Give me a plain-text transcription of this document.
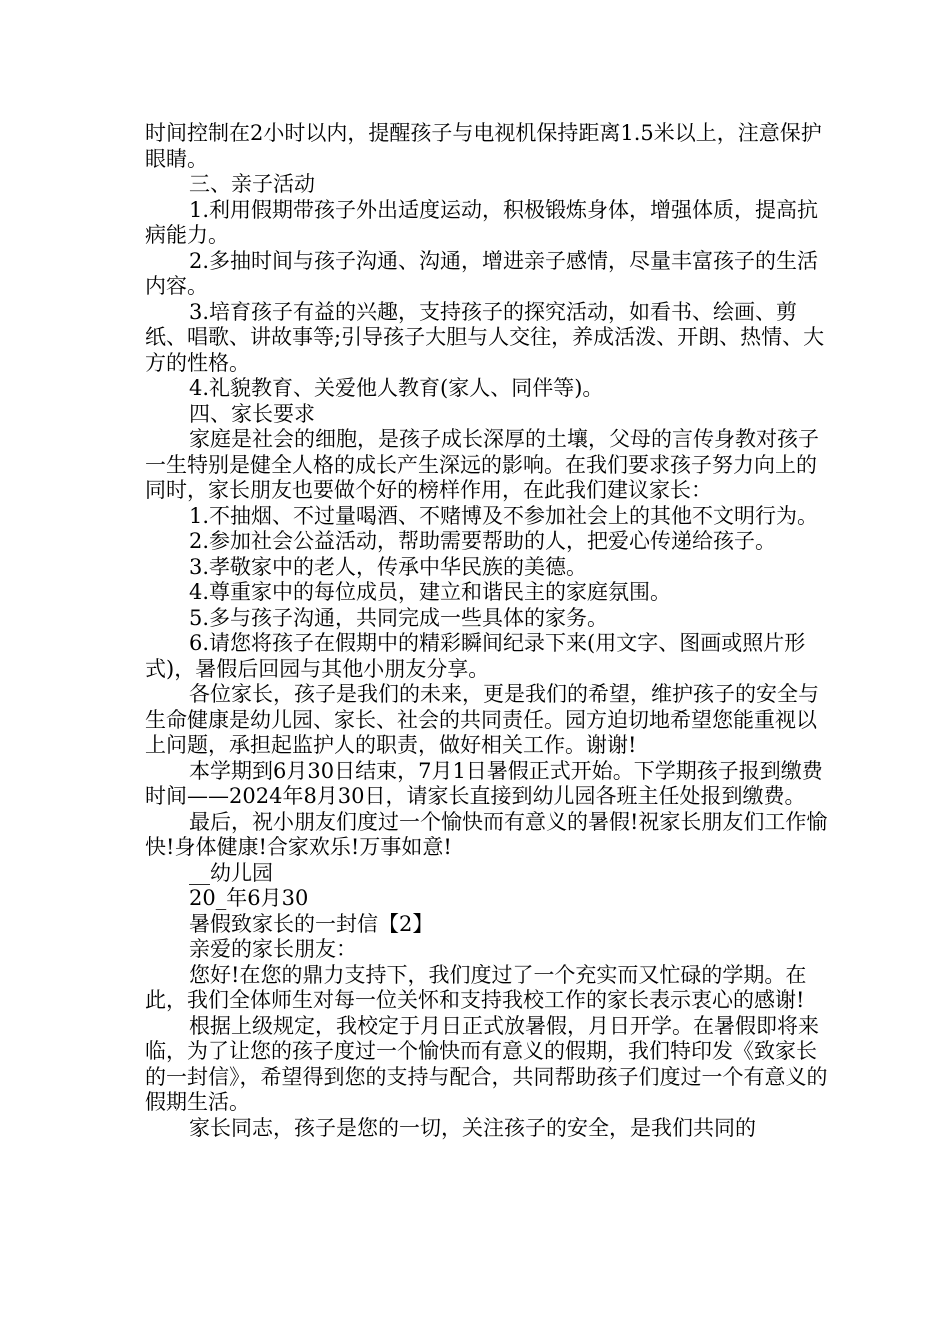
时间控制在2小时以内，提醒孩子与电视机保持距离1.5米以上，注意保护眼睛。

三、亲子活动

1.利用假期带孩子外出适度运动，积极锻炼身体，增强体质，提高抗病能力。

2.多抽时间与孩子沟通、沟通，增进亲子感情，尽量丰富孩子的生活内容。

3.培育孩子有益的兴趣，支持孩子的探究活动，如看书、绘画、剪纸、唱歌、讲故事等;引导孩子大胆与人交往，养成活泼、开朗、热情、大方的性格。

4.礼貌教育、关爱他人教育(家人、同伴等)。

四、家长要求

家庭是社会的细胞，是孩子成长深厚的土壤，父母的言传身教对孩子一生特别是健全人格的成长产生深远的影响。在我们要求孩子努力向上的同时，家长朋友也要做个好的榜样作用，在此我们建议家长：

1.不抽烟、不过量喝酒、不赌博及不参加社会上的其他不文明行为。

2.参加社会公益活动，帮助需要帮助的人，把爱心传递给孩子。

3.孝敬家中的老人，传承中华民族的美德。

4.尊重家中的每位成员，建立和谐民主的家庭氛围。

5.多与孩子沟通，共同完成一些具体的家务。

6.请您将孩子在假期中的精彩瞬间纪录下来(用文字、图画或照片形式)，暑假后回园与其他小朋友分享。

各位家长，孩子是我们的未来，更是我们的希望，维护孩子的安全与生命健康是幼儿园、家长、社会的共同责任。园方迫切地希望您能重视以上问题，承担起监护人的职责，做好相关工作。谢谢!

本学期到6月30日结束，7月1日暑假正式开始。下学期孩子报到缴费时间——2024年8月30日，请家长直接到幼儿园各班主任处报到缴费。

最后，祝小朋友们度过一个愉快而有意义的暑假!祝家长朋友们工作愉快!身体健康!合家欢乐!万事如意!

__幼儿园

20_年6月30

暑假致家长的一封信【2】

亲爱的家长朋友：

您好!在您的鼎力支持下，我们度过了一个充实而又忙碌的学期。在此，我们全体师生对每一位关怀和支持我校工作的家长表示衷心的感谢!

根据上级规定，我校定于月日正式放暑假，月日开学。在暑假即将来临，为了让您的孩子度过一个愉快而有意义的假期，我们特印发《致家长的一封信》，希望得到您的支持与配合，共同帮助孩子们度过一个有意义的假期生活。

家长同志，孩子是您的一切，关注孩子的安全，是我们共同的
